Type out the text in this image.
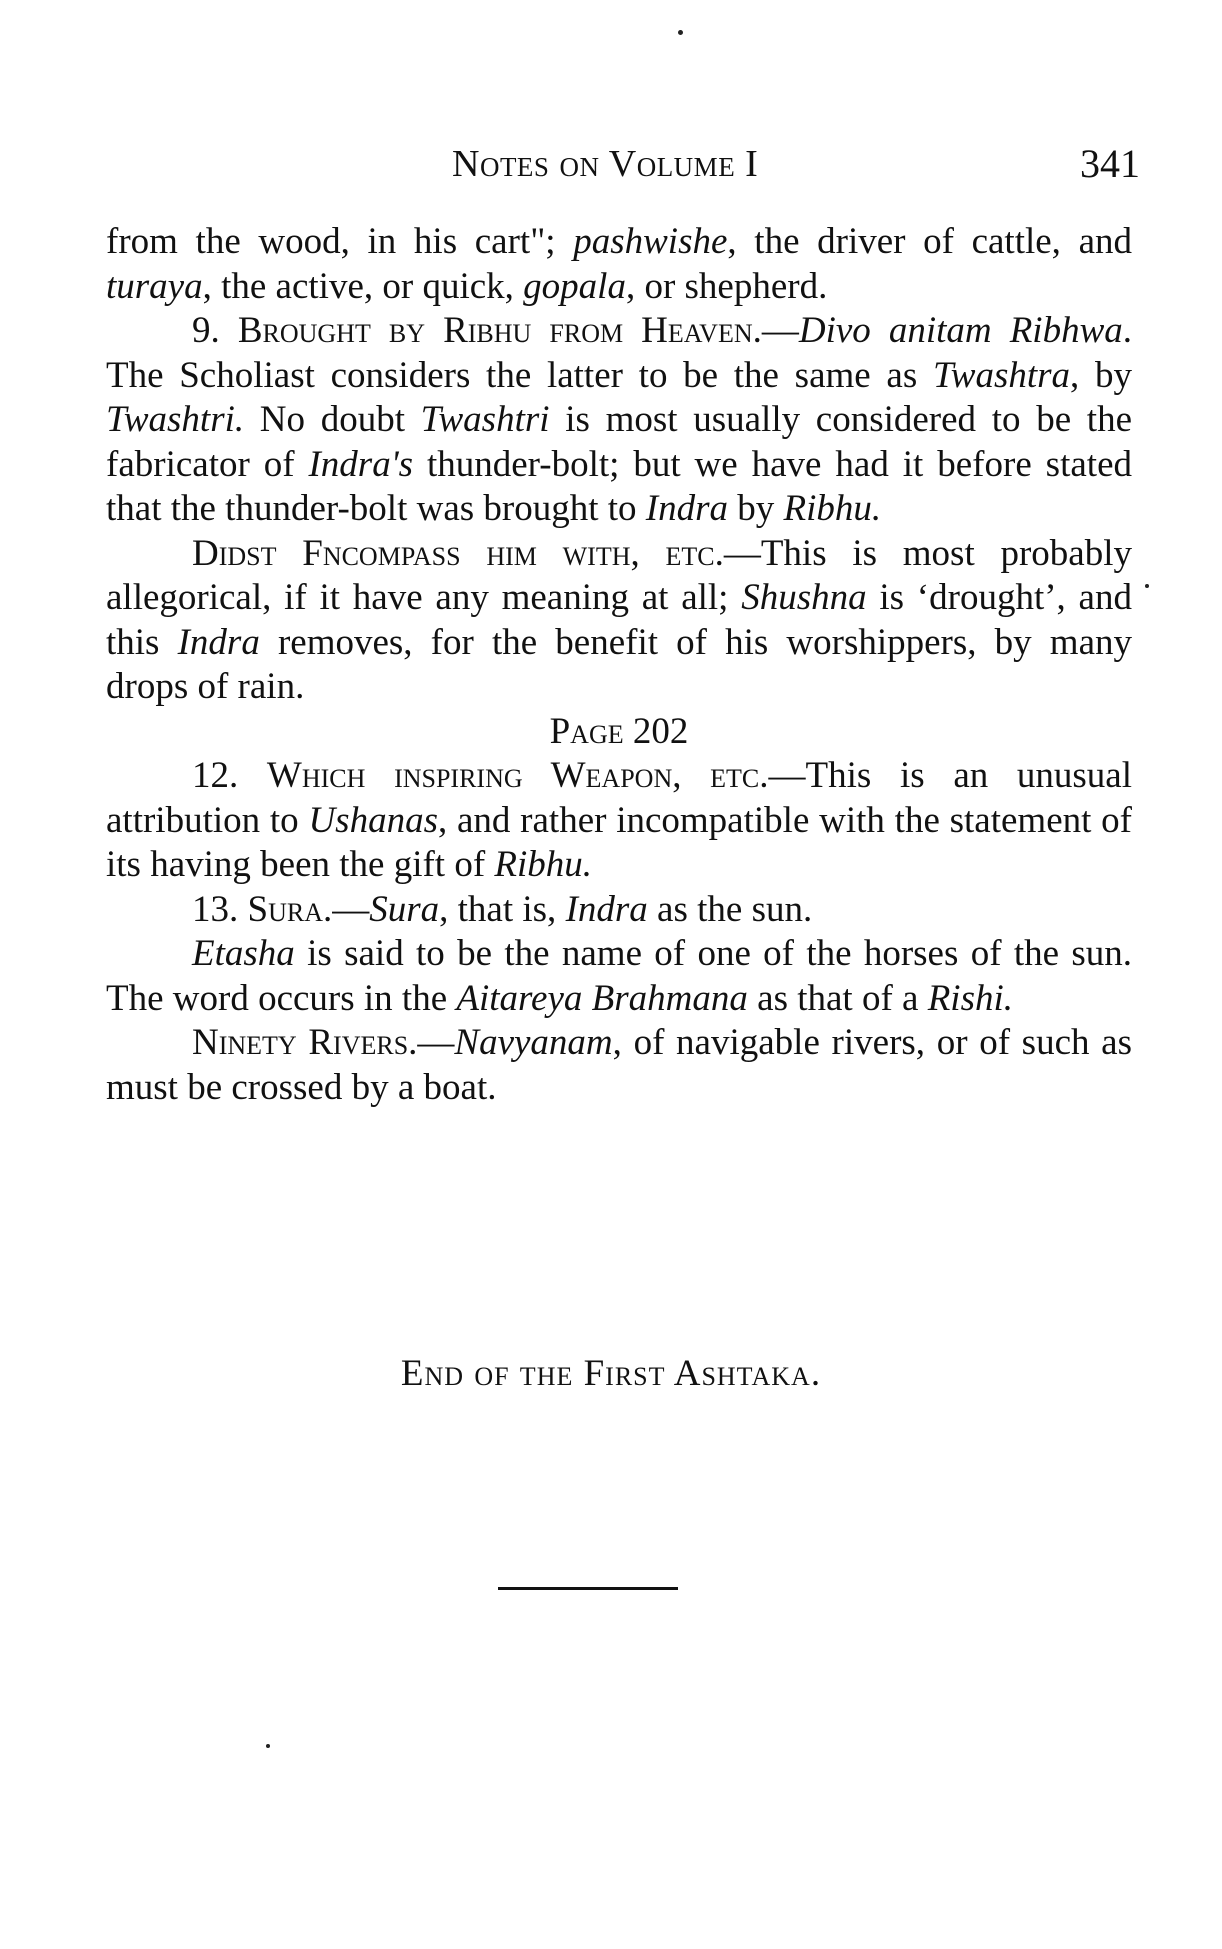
Notes on Volume I	341

from the wood, in his cart"; pashwishe, the driver of cattle, and turaya, the active, or quick, gopala, or shepherd.

9. Brought by Ribhu from Heaven.—Divo anitam Ribhwa. The Scholiast considers the latter to be the same as Twashtra, by Twashtri. No doubt Twashtri is most usually considered to be the fabricator of Indra's thunder-bolt; but we have had it before stated that the thunder-bolt was brought to Indra by Ribhu.

Didst Fncompass him with, etc.—This is most probably allegorical, if it have any meaning at all; Shushna is ‘drought’, and this Indra removes, for the benefit of his worshippers, by many drops of rain.

Page 202

12. Which inspiring Weapon, etc.—This is an unusual attribution to Ushanas, and rather incompatible with the statement of its having been the gift of Ribhu.

13. Sura.—Sura, that is, Indra as the sun.

Etasha is said to be the name of one of the horses of the sun. The word occurs in the Aitareya Brahmana as that of a Rishi.

Ninety Rivers.—Navyanam, of navigable rivers, or of such as must be crossed by a boat.

End of the First Ashtaka.
